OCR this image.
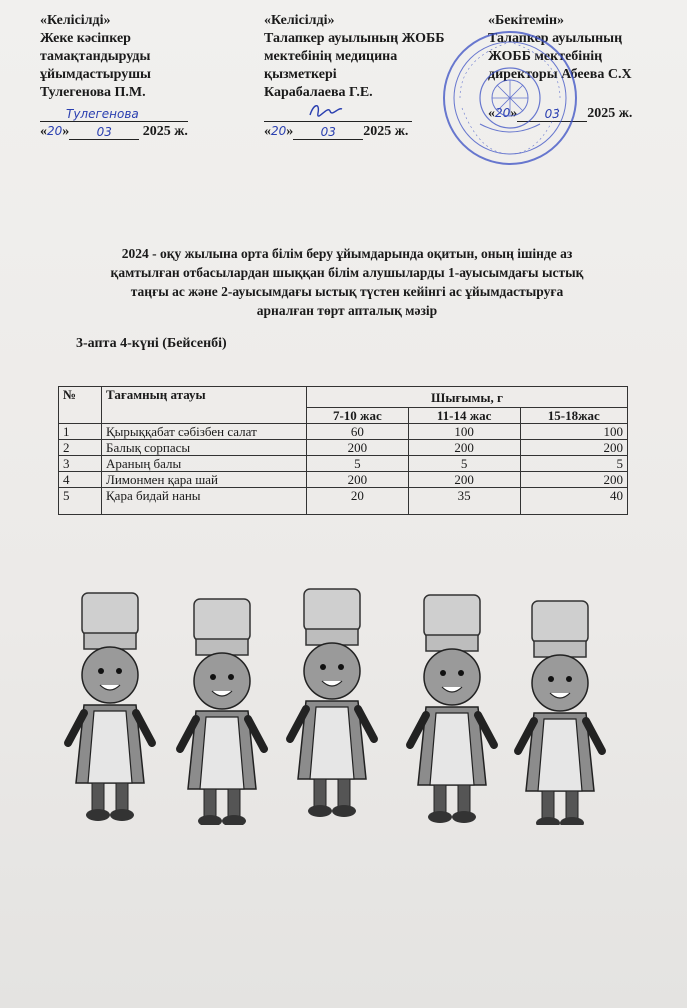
«Келісілді»
Жеке кәсіпкер
тамақтандыруды
ұйымдастырушы
Тулегенова П.М.
Тулегенова
«20» 03 2025 ж.
«Келісілді»
Талапкер ауылының ЖОББ
мектебінің медицина
қызметкері
Карабалаева Г.Е.
«20» 03 2025 ж.
«Бекітемін»
Талапкер ауылының
ЖОББ мектебінің
директоры Абеева С.Х
«20» 03 2025 ж.
2024 - оқу жылына орта білім беру ұйымдарында оқитын, оның ішінде аз
қамтылған отбасылардан шыққан білім алушыларды 1-ауысымдағы ыстық
таңғы ас және 2-ауысымдағы ыстық түстен кейінгі ас ұйымдастыруға
арналған төрт апталық мәзір
3-апта 4-күні (Бейсенбі)
№	Тағамның атауы	Шығымы, г		
		7-10 жас	11-14 жас	15-18жас
1	Қырыққабат сәбізбен салат	60	100	100
2	Балық сорпасы	200	200	200
3	Араның балы	5	5	5
4	Лимонмен қара шай	200	200	200
5	Қара бидай наны	20	35	40
